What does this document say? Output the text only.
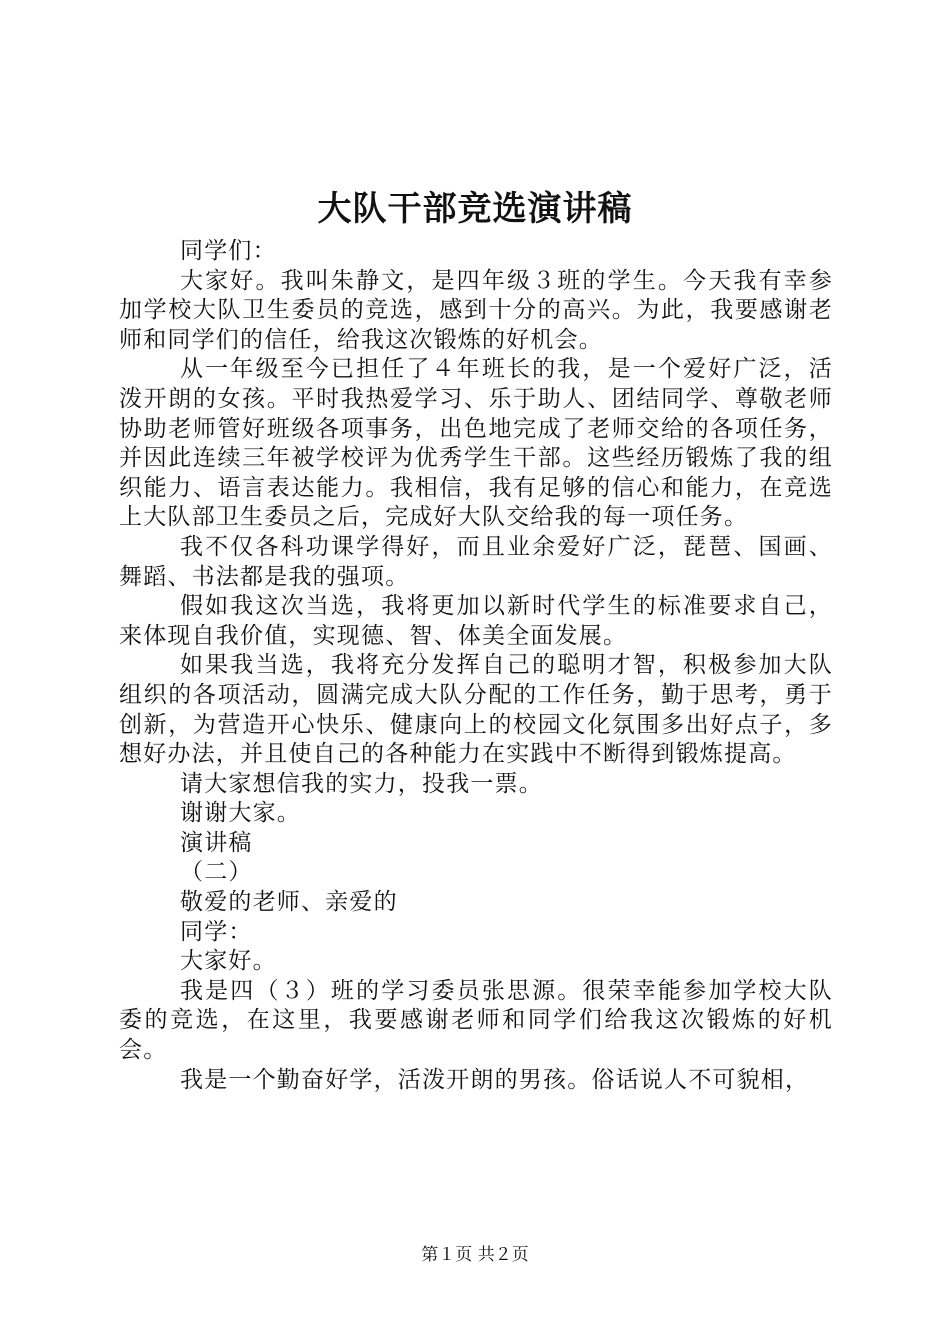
大队干部竞选演讲稿

同学们：

大家好。我叫朱静文，是四年级３班的学生。今天我有幸参加学校大队卫生委员的竞选，感到十分的高兴。为此，我要感谢老师和同学们的信任，给我这次锻炼的好机会。

从一年级至今已担任了４年班长的我，是一个爱好广泛，活泼开朗的女孩。平时我热爱学习、乐于助人、团结同学、尊敬老师协助老师管好班级各项事务，出色地完成了老师交给的各项任务，并因此连续三年被学校评为优秀学生干部。这些经历锻炼了我的组织能力、语言表达能力。我相信，我有足够的信心和能力，在竞选上大队部卫生委员之后，完成好大队交给我的每一项任务。

我不仅各科功课学得好，而且业余爱好广泛，琵琶、国画、舞蹈、书法都是我的强项。

假如我这次当选，我将更加以新时代学生的标准要求自己，来体现自我价值，实现德、智、体美全面发展。

如果我当选，我将充分发挥自己的聪明才智，积极参加大队组织的各项活动，圆满完成大队分配的工作任务，勤于思考，勇于创新，为营造开心快乐、健康向上的校园文化氛围多出好点子，多想好办法，并且使自己的各种能力在实践中不断得到锻炼提高。

请大家想信我的实力，投我一票。

谢谢大家。

演讲稿

（二）

敬爱的老师、亲爱的

同学：

大家好。

我是四（３）班的学习委员张思源。很荣幸能参加学校大队委的竞选，在这里，我要感谢老师和同学们给我这次锻炼的好机会。

我是一个勤奋好学，活泼开朗的男孩。俗话说人不可貌相，

第１页 共２页
